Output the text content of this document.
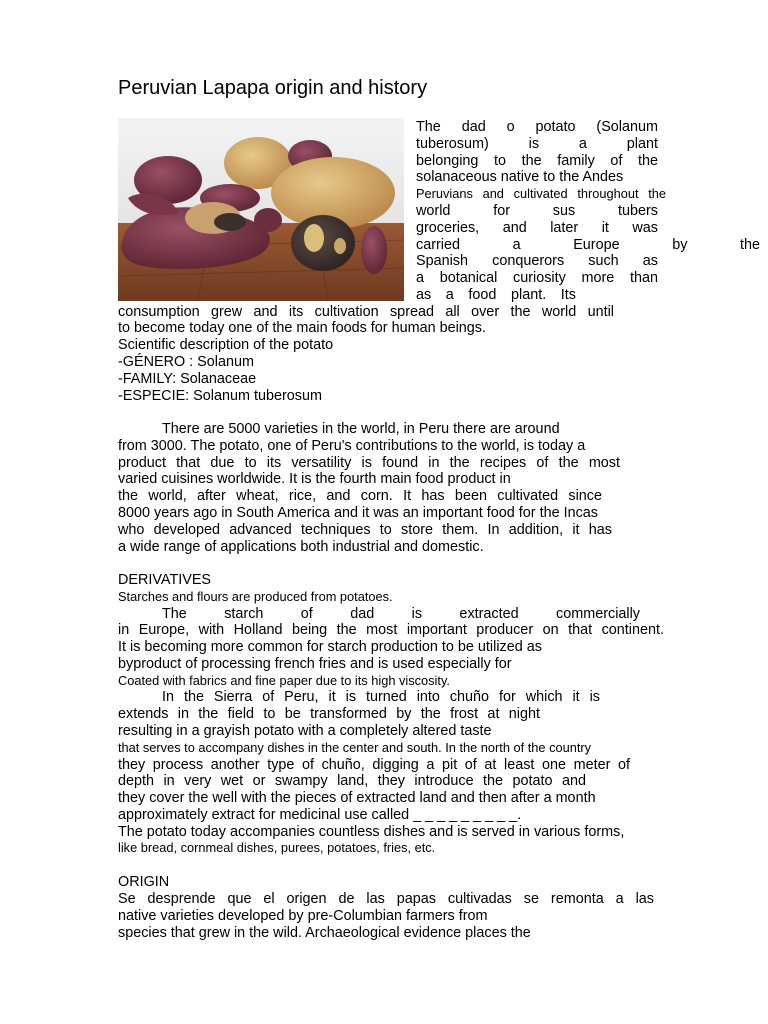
Peruvian Lapapa origin and history
The dad o potato (Solanum
tuberosum) is a plant
belonging to the family of the
solanaceous native to the Andes
Peruvians and cultivated throughout the
world for sus tubers
groceries, and later it was
carried a Europe by the
Spanish conquerors such as
a botanical curiosity more than
as a food plant. Its
consumption grew and its cultivation spread all over the world until
to become today one of the main foods for human beings.
Scientific description of the potato
-GÉNERO : Solanum
-FAMILY: Solanaceae
-ESPECIE: Solanum tuberosum
There are 5000 varieties in the world, in Peru there are around
from 3000. The potato, one of Peru's contributions to the world, is today a
product that due to its versatility is found in the recipes of the most
varied cuisines worldwide. It is the fourth main food product in
the world, after wheat, rice, and corn. It has been cultivated since
8000 years ago in South America and it was an important food for the Incas
who developed advanced techniques to store them. In addition, it has
a wide range of applications both industrial and domestic.
DERIVATIVES
Starches and flours are produced from potatoes.
The starch of dad is extracted commercially
in Europe, with Holland being the most important producer on that continent.
It is becoming more common for starch production to be utilized as
byproduct of processing french fries and is used especially for
Coated with fabrics and fine paper due to its high viscosity.
In the Sierra of Peru, it is turned into chuño for which it is
extends in the field to be transformed by the frost at night
resulting in a grayish potato with a completely altered taste
that serves to accompany dishes in the center and south. In the north of the country
they process another type of chuño, digging a pit of at least one meter of
depth in very wet or swampy land, they introduce the potato and
they cover the well with the pieces of extracted land and then after a month
approximately extract for medicinal use called _ _ _ _ _ _ _ _ _.
The potato today accompanies countless dishes and is served in various forms,
like bread, cornmeal dishes, purees, potatoes, fries, etc.
ORIGIN
Se desprende que el origen de las papas cultivadas se remonta a las
native varieties developed by pre-Columbian farmers from
species that grew in the wild. Archaeological evidence places the
